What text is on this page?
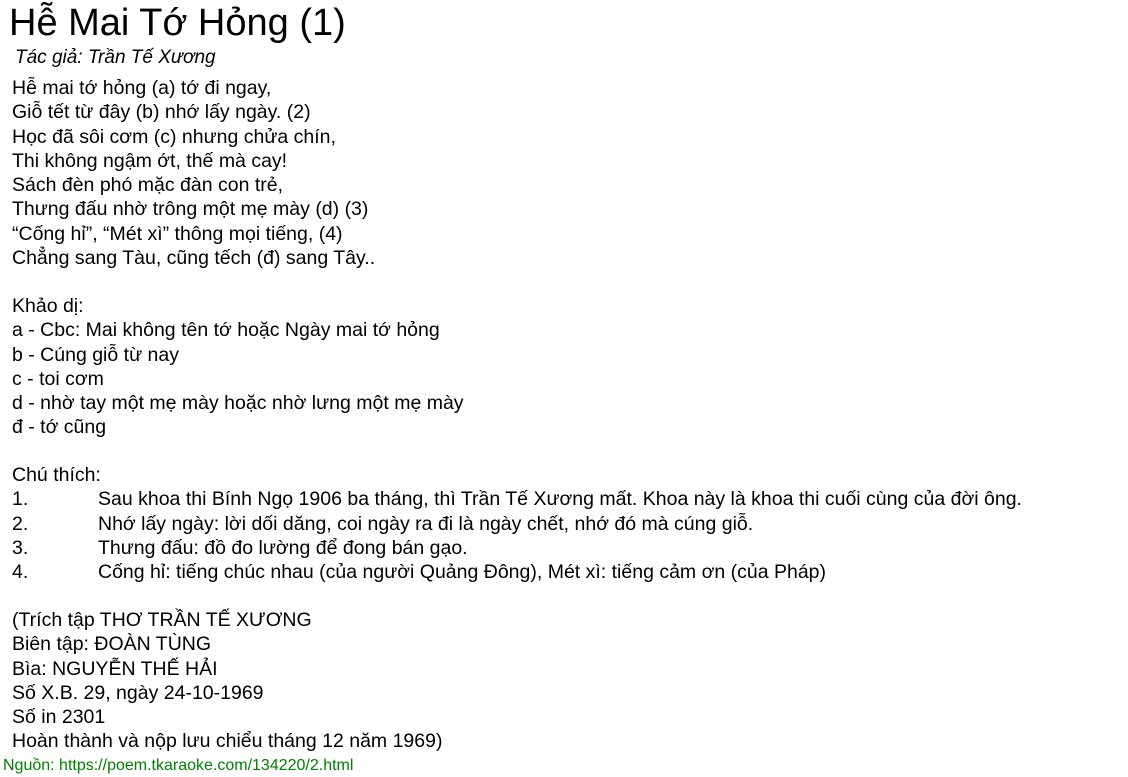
Hễ Mai Tớ Hỏng (1)
Tác giả: Trần Tế Xương
Hễ mai tớ hỏng (a) tớ đi ngay,
Giỗ tết từ đây (b) nhớ lấy ngày. (2)
Học đã sôi cơm (c) nhưng chửa chín,
Thi không ngậm ớt, thế mà cay!
Sách đèn phó mặc đàn con trẻ,
Thưng đấu nhờ trông một mẹ mày (d) (3)
“Cống hỉ”, “Mét xì” thông mọi tiếng, (4)
Chẳng sang Tàu, cũng tếch (đ) sang Tây..
Khảo dị:
a - Cbc: Mai không tên tớ hoặc Ngày mai tớ hỏng
b - Cúng giỗ từ nay
c - toi cơm
d - nhờ tay một mẹ mày hoặc nhờ lưng một mẹ mày
đ - tớ cũng
Chú thích:
1.	Sau khoa thi Bính Ngọ 1906 ba tháng, thì Trần Tế Xương mất. Khoa này là khoa thi cuối cùng của đời ông.
2.	Nhớ lấy ngày: lời dối dăng, coi ngày ra đi là ngày chết, nhớ đó mà cúng giỗ.
3.	Thưng đấu: đồ đo lường để đong bán gạo.
4.	Cống hỉ: tiếng chúc nhau (của người Quảng Đông), Mét xì: tiếng cảm ơn (của Pháp)
(Trích tập THƠ TRẦN TẾ XƯƠNG
Biên tập: ĐOÀN TÙNG
Bìa: NGUYỄN THẾ HẢI
Số X.B. 29, ngày 24-10-1969
Số in 2301
Hoàn thành và nộp lưu chiểu tháng 12 năm 1969)
Nguồn: https://poem.tkaraoke.com/134220/2.html
